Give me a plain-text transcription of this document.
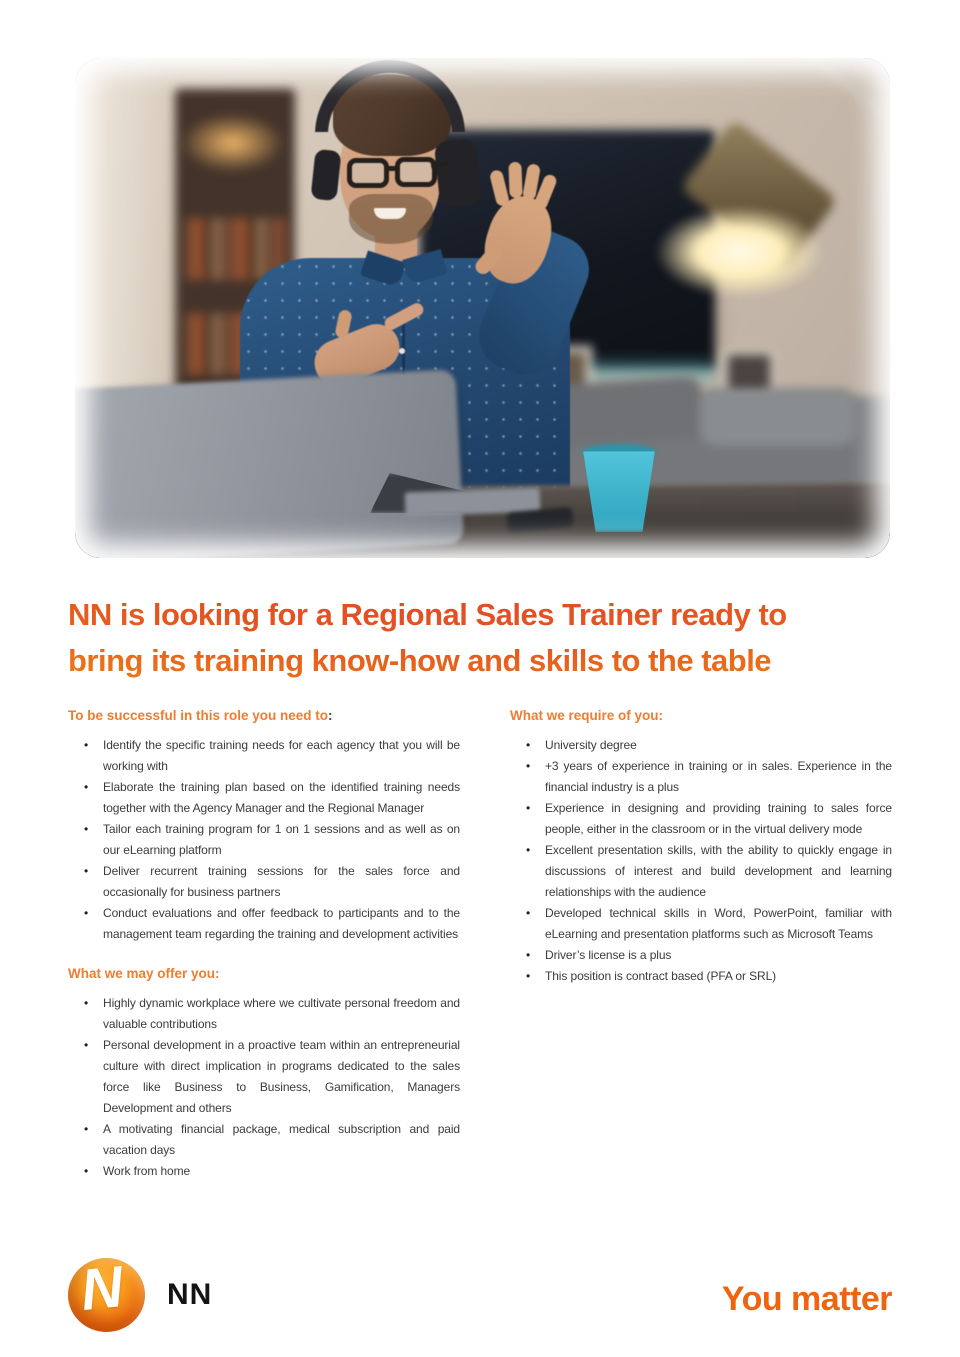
NN is looking for a Regional Sales Trainer ready to
bring its training know-how and skills to the table
To be successful in this role you need to:
•	Identify the specific training needs for each agency that you will be working with
•	Elaborate the training plan based on the identified training needs together with the Agency Manager and the Regional Manager
•	Tailor each training program for 1 on 1 sessions and as well as on our eLearning platform
•	Deliver recurrent training sessions for the sales force and occasionally for business partners
•	Conduct evaluations and offer feedback to participants and to the management team regarding the training and development activities
What we may offer you:
•	Highly dynamic workplace where we cultivate personal freedom and valuable contributions
•	Personal development in a proactive team within an entrepreneurial culture with direct implication in programs dedicated to the sales force like Business to Business, Gamification, Managers Development and others
•	A motivating financial package, medical subscription and paid vacation days
•	Work from home
What we require of you:
•	University degree
•	+3 years of experience in training or in sales. Experience in the financial industry is a plus
•	Experience in designing and providing training to sales force people, either in the classroom or in the virtual delivery mode
•	Excellent presentation skills, with the ability to quickly engage in discussions of interest and build development and learning relationships with the audience
•	Developed technical skills in Word, PowerPoint, familiar with eLearning and presentation platforms such as Microsoft Teams
•	Driver’s license is a plus
•	This position is contract based (PFA or SRL)
N NN	You matter
